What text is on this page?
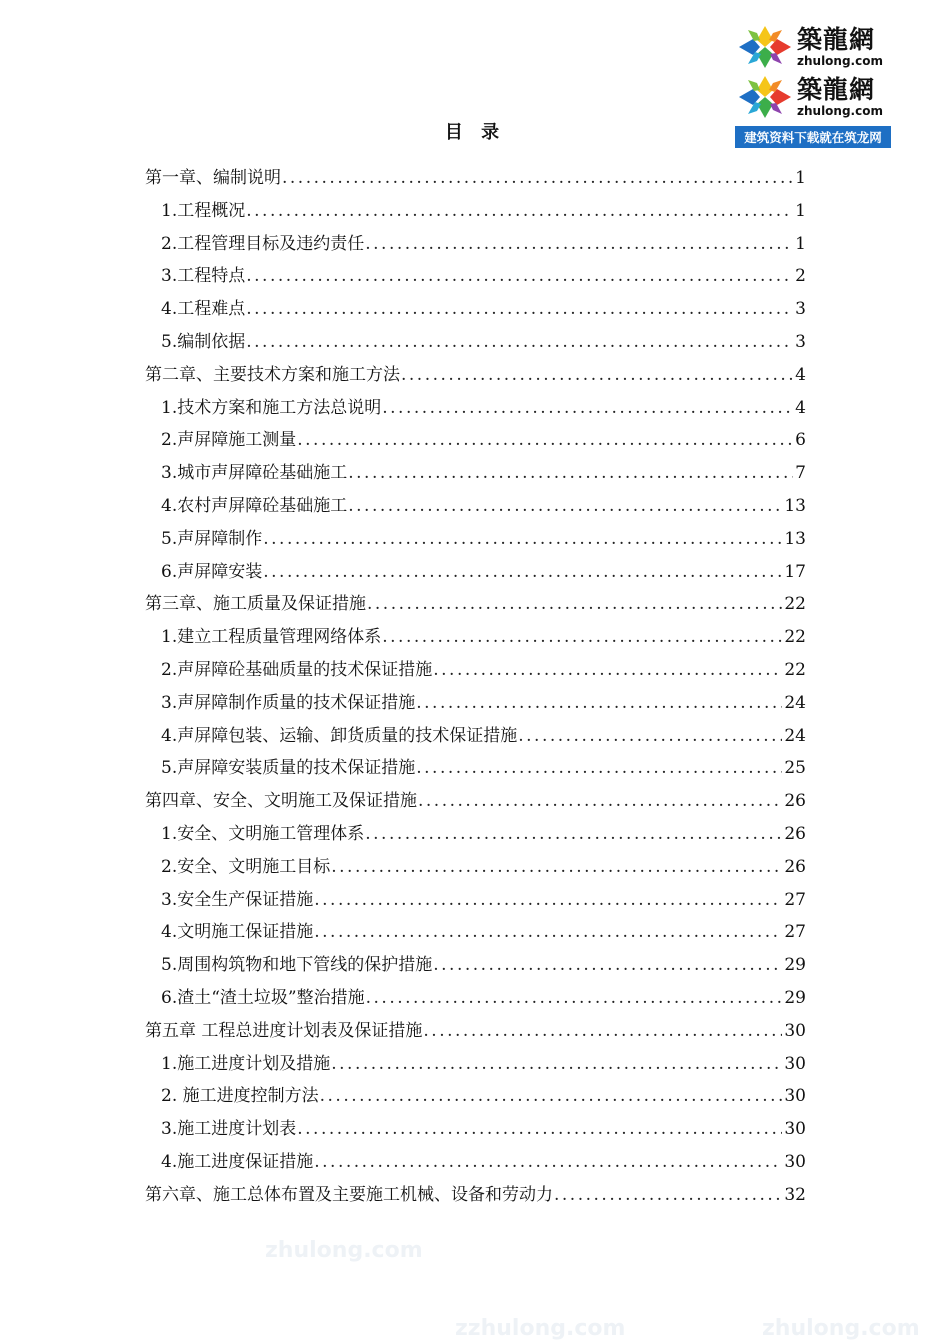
zhulong.com
zzhulong.com	zhulong.com
築龍網
zhulong.com
築龍網
zhulong.com
建筑资料下载就在筑龙网
目 录
第一章、编制说明 .....	1
1.工程概况 .....	1
2.工程管理目标及违约责任 .....	1
3.工程特点 .....	2
4.工程难点 .....	3
5.编制依据 .....	3
第二章、主要技术方案和施工方法 .....	4
1.技术方案和施工方法总说明 .....	4
2.声屏障施工测量 .....	6
3.城市声屏障砼基础施工 .....	7
4.农村声屏障砼基础施工 .....	13
5.声屏障制作 .....	13
6.声屏障安装 .....	17
第三章、施工质量及保证措施 .....	22
1.建立工程质量管理网络体系 .....	22
2.声屏障砼基础质量的技术保证措施 .....	22
3.声屏障制作质量的技术保证措施 .....	24
4.声屏障包装、运输、卸货质量的技术保证措施 .....	24
5.声屏障安装质量的技术保证措施 .....	25
第四章、安全、文明施工及保证措施 .....	26
1.安全、文明施工管理体系 .....	26
2.安全、文明施工目标 .....	26
3.安全生产保证措施 .....	27
4.文明施工保证措施 .....	27
5.周围构筑物和地下管线的保护措施 .....	29
6.渣土“渣土垃圾”整治措施 .....	29
第五章 工程总进度计划表及保证措施 .....	30
1.施工进度计划及措施 .....	30
2. 施工进度控制方法 .....	30
3.施工进度计划表 .....	30
4.施工进度保证措施 .....	30
第六章、施工总体布置及主要施工机械、设备和劳动力 .....	32
